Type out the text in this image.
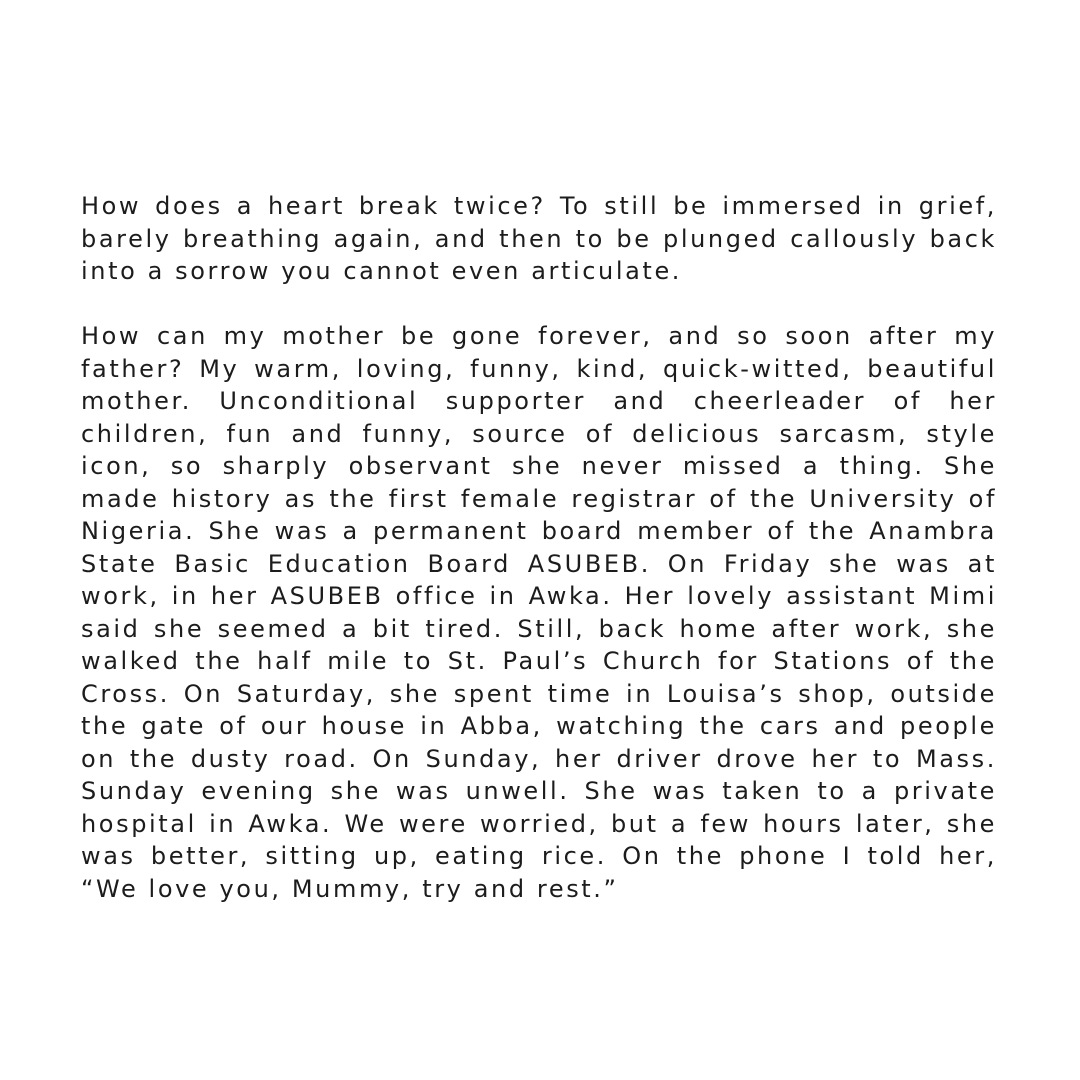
How does a heart break twice? To still be immersed in grief, barely breathing again, and then to be plunged callously back into a sorrow you cannot even articulate.

How can my mother be gone forever, and so soon after my father? My warm, loving, funny, kind, quick-witted, beautiful mother. Unconditional supporter and cheerleader of her children, fun and funny, source of delicious sarcasm, style icon, so sharply observant she never missed a thing. She made history as the first female registrar of the University of Nigeria. She was a permanent board member of the Anambra State Basic Education Board ASUBEB. On Friday she was at work, in her ASUBEB office in Awka. Her lovely assistant Mimi said she seemed a bit tired. Still, back home after work, she walked the half mile to St. Paul’s Church for Stations of the Cross. On Saturday, she spent time in Louisa’s shop, outside the gate of our house in Abba, watching the cars and people on the dusty road. On Sunday, her driver drove her to Mass. Sunday evening she was unwell. She was taken to a private hospital in Awka. We were worried, but a few hours later, she was better, sitting up, eating rice. On the phone I told her, “We love you, Mummy, try and rest.”
